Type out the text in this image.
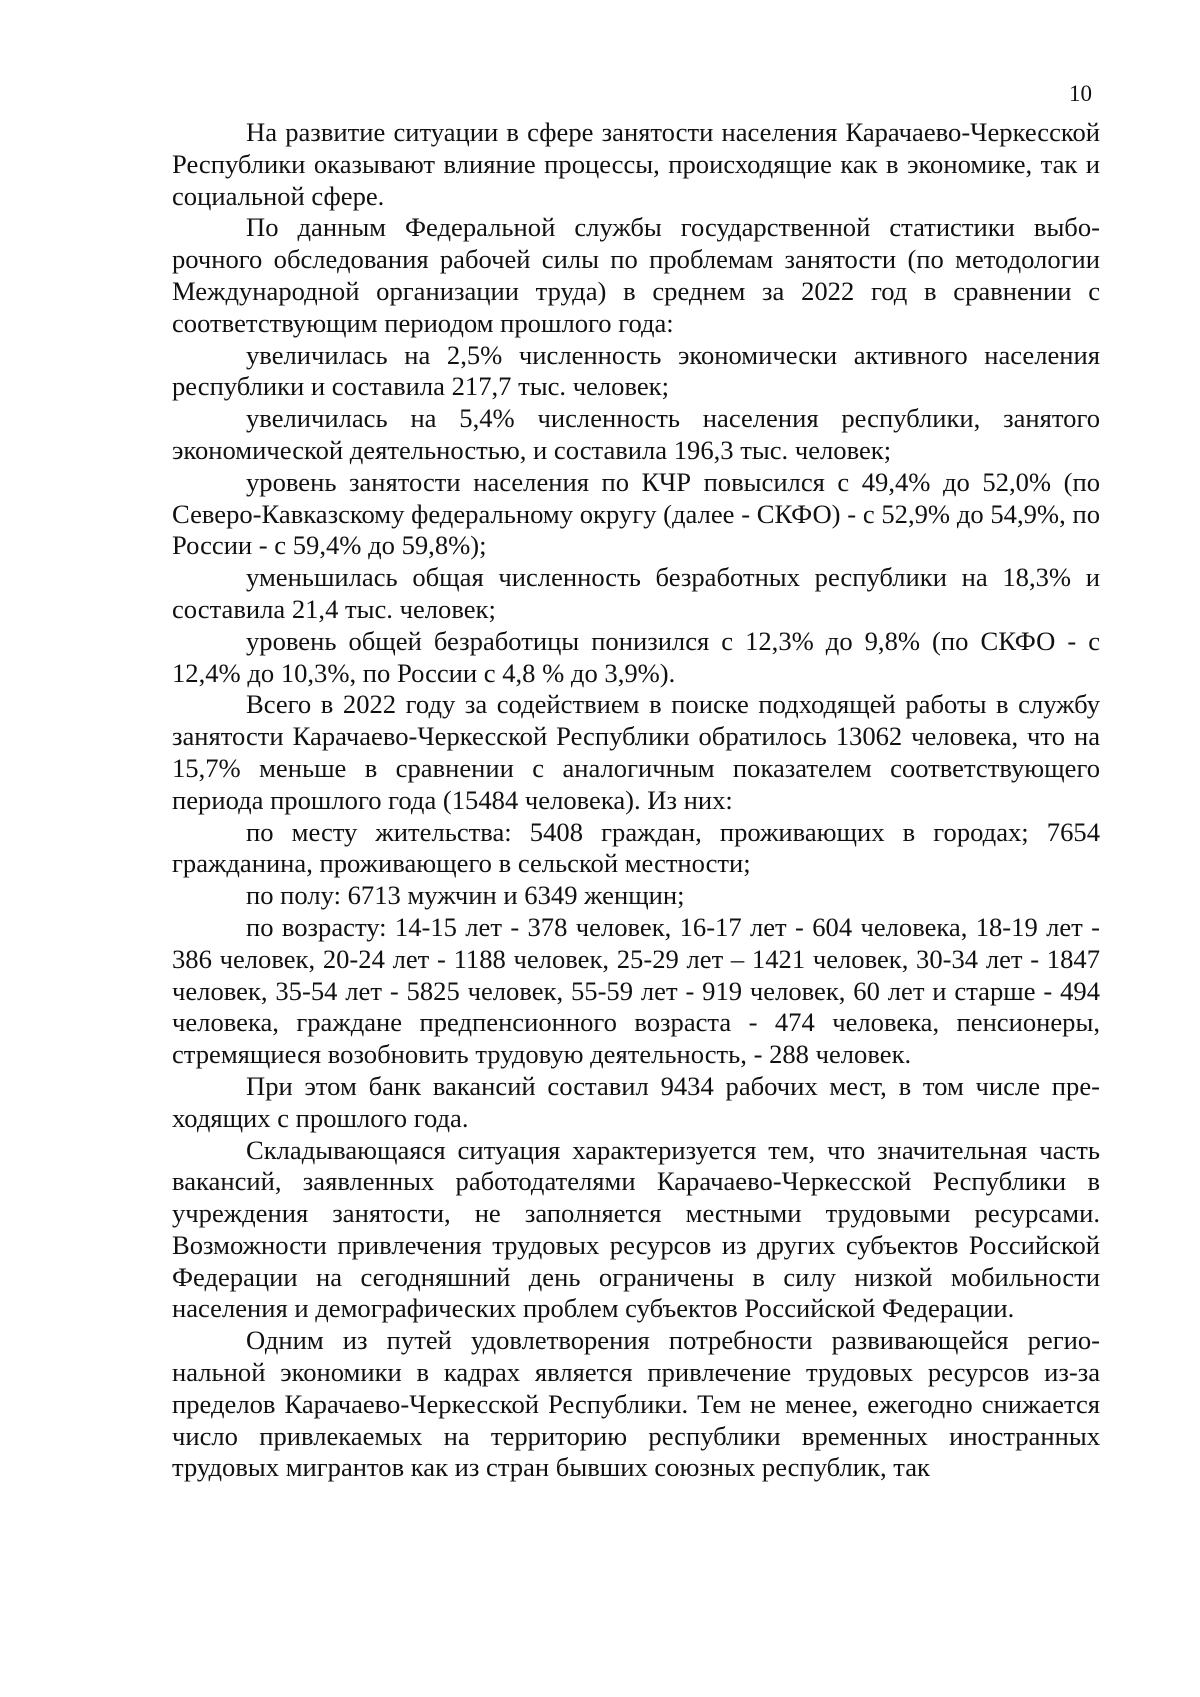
10

На развитие ситуации в сфере занятости населения Карачаево-Черкесской Республики оказывают влияние процессы, происходящие как в экономике, так и социальной сфере.

По данным Федеральной службы государственной статистики выборочного обследования рабочей силы по проблемам занятости (по методологии Международной организации труда) в среднем за 2022 год в сравнении с соответствующим периодом прошлого года:

увеличилась на 2,5% численность экономически активного населения республики и составила 217,7 тыс. человек;

увеличилась на 5,4% численность населения республики, занятого экономической деятельностью, и составила 196,3 тыс. человек;

уровень занятости населения по КЧР повысился с 49,4% до 52,0% (по Северо-Кавказскому федеральному округу (далее - СКФО) - с 52,9% до 54,9%, по России - с 59,4% до 59,8%);

уменьшилась общая численность безработных республики на 18,3% и составила 21,4 тыс. человек;

уровень общей безработицы понизился с 12,3% до 9,8% (по СКФО - с 12,4% до 10,3%, по России с 4,8 % до 3,9%).

Всего в 2022 году за содействием в поиске подходящей работы в службу занятости Карачаево-Черкесской Республики обратилось 13062 человека, что на 15,7% меньше в сравнении с аналогичным показателем соответствующего периода прошлого года (15484 человека). Из них:

по месту жительства: 5408 граждан, проживающих в городах; 7654 гражданина, проживающего в сельской местности;

по полу: 6713 мужчин и 6349 женщин;

по возрасту: 14-15 лет - 378 человек, 16-17 лет - 604 человека, 18-19 лет - 386 человек, 20-24 лет - 1188 человек, 25-29 лет – 1421 человек, 30-34 лет - 1847 человек, 35-54 лет - 5825 человек, 55-59 лет - 919 человек, 60 лет и старше - 494 человека, граждане предпенсионного возраста - 474 человека, пенсионеры, стремящиеся возобновить трудовую деятельность, - 288 человек.

При этом банк вакансий составил 9434 рабочих мест, в том числе преходящих с прошлого года.

Складывающаяся ситуация характеризуется тем, что значительная часть вакансий, заявленных работодателями Карачаево-Черкесской Республики в учреждения занятости, не заполняется местными трудовыми ресурсами. Возможности привлечения трудовых ресурсов из других субъектов Российской Федерации на сегодняшний день ограничены в силу низкой мобильности населения и демографических проблем субъектов Российской Федерации.

Одним из путей удовлетворения потребности развивающейся региональной экономики в кадрах является привлечение трудовых ресурсов из-за пределов Карачаево-Черкесской Республики. Тем не менее, ежегодно снижается число привлекаемых на территорию республики временных иностранных трудовых мигрантов как из стран бывших союзных республик, так
